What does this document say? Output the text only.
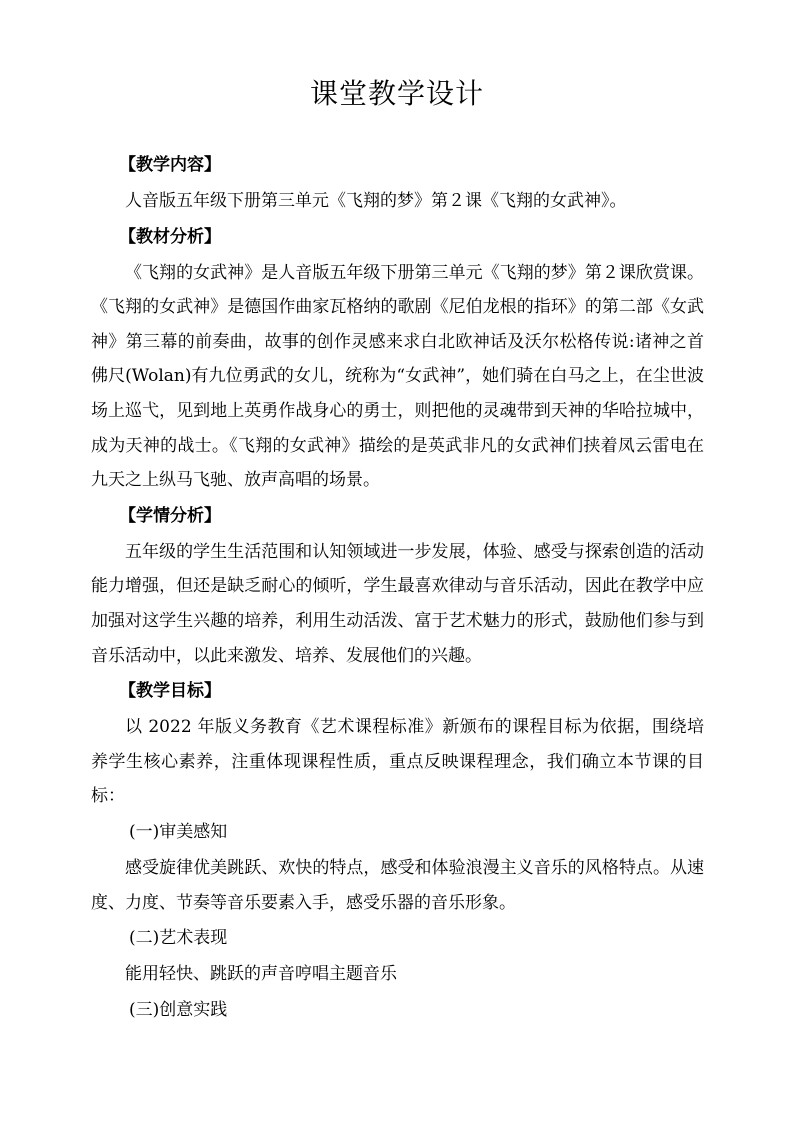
课堂教学设计
【教学内容】

人音版五年级下册第三单元《飞翔的梦》第２课《飞翔的女武神》。

【教材分析】

《飞翔的女武神》是人音版五年级下册第三单元《飞翔的梦》第２课欣赏课。《飞翔的女武神》是德国作曲家瓦格纳的歌剧《尼伯龙根的指环》的第二部《女武神》第三幕的前奏曲，故事的创作灵感来求白北欧神话及沃尔松格传说:诸神之首佛尺(Wolan)有九位勇武的女儿，统称为“女武神”，她们骑在白马之上，在尘世波场上巡弋，见到地上英勇作战身心的勇士，则把他的灵魂带到天神的华哈拉城中，成为天神的战士。《飞翔的女武神》描绘的是英武非凡的女武神们挟着凤云雷电在九天之上纵马飞驰、放声高唱的场景。

【学情分析】

五年级的学生生活范围和认知领域进一步发展，体验、感受与探索创造的活动能力增强，但还是缺乏耐心的倾听，学生最喜欢律动与音乐活动，因此在教学中应加强对这学生兴趣的培养，利用生动活泼、富于艺术魅力的形式，鼓励他们参与到音乐活动中，以此来激发、培养、发展他们的兴趣。

【教学目标】

以 2022 年版义务教育《艺术课程标准》新颁布的课程目标为依据，围绕培养学生核心素养，注重体现课程性质，重点反映课程理念，我们确立本节课的目标：

(一)审美感知

感受旋律优美跳跃、欢快的特点，感受和体验浪漫主义音乐的风格特点。从速度、力度、节奏等音乐要素入手，感受乐器的音乐形象。

(二)艺术表现

能用轻快、跳跃的声音哼唱主题音乐

(三)创意实践
